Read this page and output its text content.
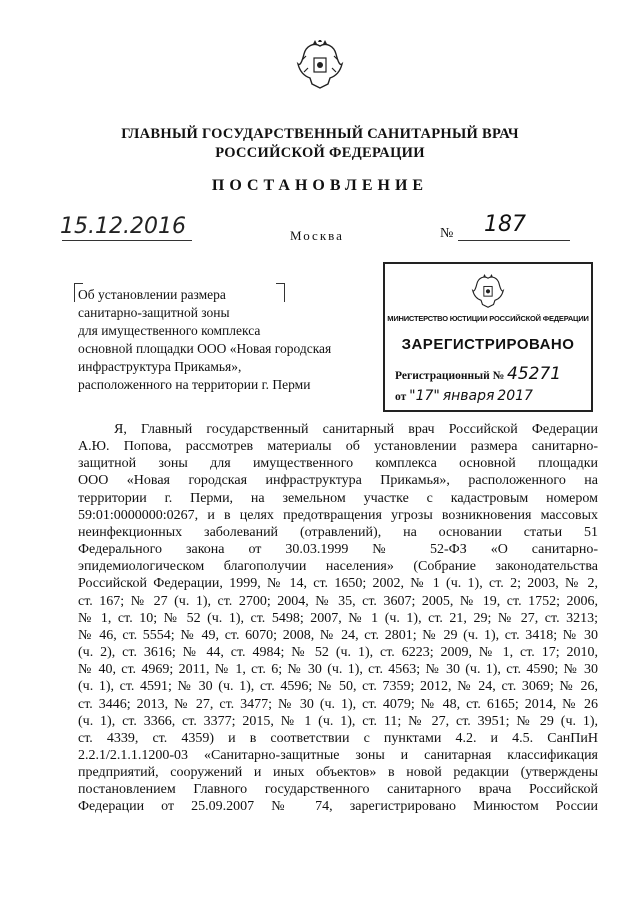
ГЛАВНЫЙ ГОСУДАРСТВЕННЫЙ САНИТАРНЫЙ ВРАЧ
РОССИЙСКОЙ ФЕДЕРАЦИИ
ПОСТАНОВЛЕНИЕ
15.12.2016	Москва	№ 187
Об установлении размера
санитарно-защитной зоны
для имущественного комплекса
основной площадки ООО «Новая городская
инфраструктура Прикамья»,
расположенного на территории г. Перми
МИНИСТЕРСТВО ЮСТИЦИИ РОССИЙСКОЙ ФЕДЕРАЦИИ
ЗАРЕГИСТРИРОВАНО
Регистрационный № 45271
от "17" января 2017
Я, Главный государственный санитарный врач Российской Федерации
А.Ю. Попова, рассмотрев материалы об установлении размера санитарно-
защитной зоны для имущественного комплекса основной площадки
ООО «Новая городская инфраструктура Прикамья», расположенного на
территории г. Перми, на земельном участке с кадастровым номером
59:01:0000000:0267, и в целях предотвращения угрозы возникновения массовых
неинфекционных заболеваний (отравлений), на основании статьи 51
Федерального закона от 30.03.1999 № 52-ФЗ «О санитарно-
эпидемиологическом благополучии населения» (Собрание законодательства
Российской Федерации, 1999, № 14, ст. 1650; 2002, № 1 (ч. 1), ст. 2; 2003, № 2,
ст. 167; № 27 (ч. 1), ст. 2700; 2004, № 35, ст. 3607; 2005, № 19, ст. 1752; 2006,
№ 1, ст. 10; № 52 (ч. 1), ст. 5498; 2007, № 1 (ч. 1), ст. 21, 29; № 27, ст. 3213;
№ 46, ст. 5554; № 49, ст. 6070; 2008, № 24, ст. 2801; № 29 (ч. 1), ст. 3418; № 30
(ч. 2), ст. 3616; № 44, ст. 4984; № 52 (ч. 1), ст. 6223; 2009, № 1, ст. 17; 2010,
№ 40, ст. 4969; 2011, № 1, ст. 6; № 30 (ч. 1), ст. 4563; № 30 (ч. 1), ст. 4590; № 30
(ч. 1), ст. 4591; № 30 (ч. 1), ст. 4596; № 50, ст. 7359; 2012, № 24, ст. 3069; № 26,
ст. 3446; 2013, № 27, ст. 3477; № 30 (ч. 1), ст. 4079; № 48, ст. 6165; 2014, № 26
(ч. 1), ст. 3366, ст. 3377; 2015, № 1 (ч. 1), ст. 11; № 27, ст. 3951; № 29 (ч. 1),
ст. 4339, ст. 4359) и в соответствии с пунктами 4.2. и 4.5. СанПиН
2.2.1/2.1.1.1200-03 «Санитарно-защитные зоны и санитарная классификация
предприятий, сооружений и иных объектов» в новой редакции (утверждены
постановлением Главного государственного санитарного врача Российской
Федерации от 25.09.2007 № 74, зарегистрировано Минюстом России
